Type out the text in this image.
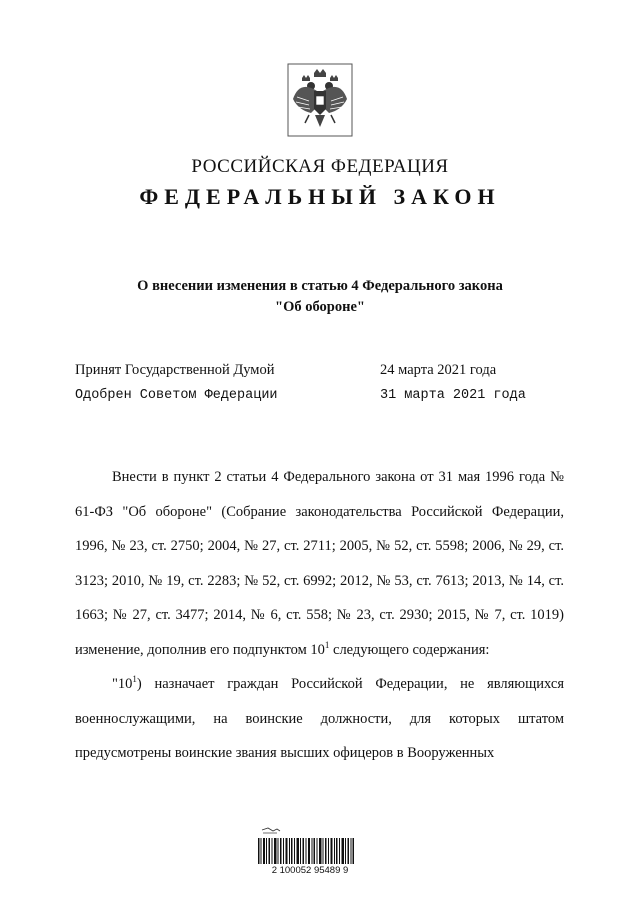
РОССИЙСКАЯ ФЕДЕРАЦИЯ
ФЕДЕРАЛЬНЫЙ ЗАКОН
О внесении изменения в статью 4 Федерального закона
"Об обороне"
Принят Государственной Думой	24 марта 2021 года
Одобрен Советом Федерации	31 марта 2021 года

Внести в пункт 2 статьи 4 Федерального закона от 31 мая 1996 года № 61-ФЗ "Об обороне" (Собрание законодательства Российской Федерации, 1996, № 23, ст. 2750; 2004, № 27, ст. 2711; 2005, № 52, ст. 5598; 2006, № 29, ст. 3123; 2010, № 19, ст. 2283; № 52, ст. 6992; 2012, № 53, ст. 7613; 2013, № 14, ст. 1663; № 27, ст. 3477; 2014, № 6, ст. 558; № 23, ст. 2930; 2015, № 7, ст. 1019) изменение, дополнив его подпунктом $10^1$ следующего содержания:

"$10^1$) назначает граждан Российской Федерации, не являющихся военнослужащими, на воинские должности, для которых штатом предусмотрены воинские звания высших офицеров в Вооруженных

2 100052 95489 9
